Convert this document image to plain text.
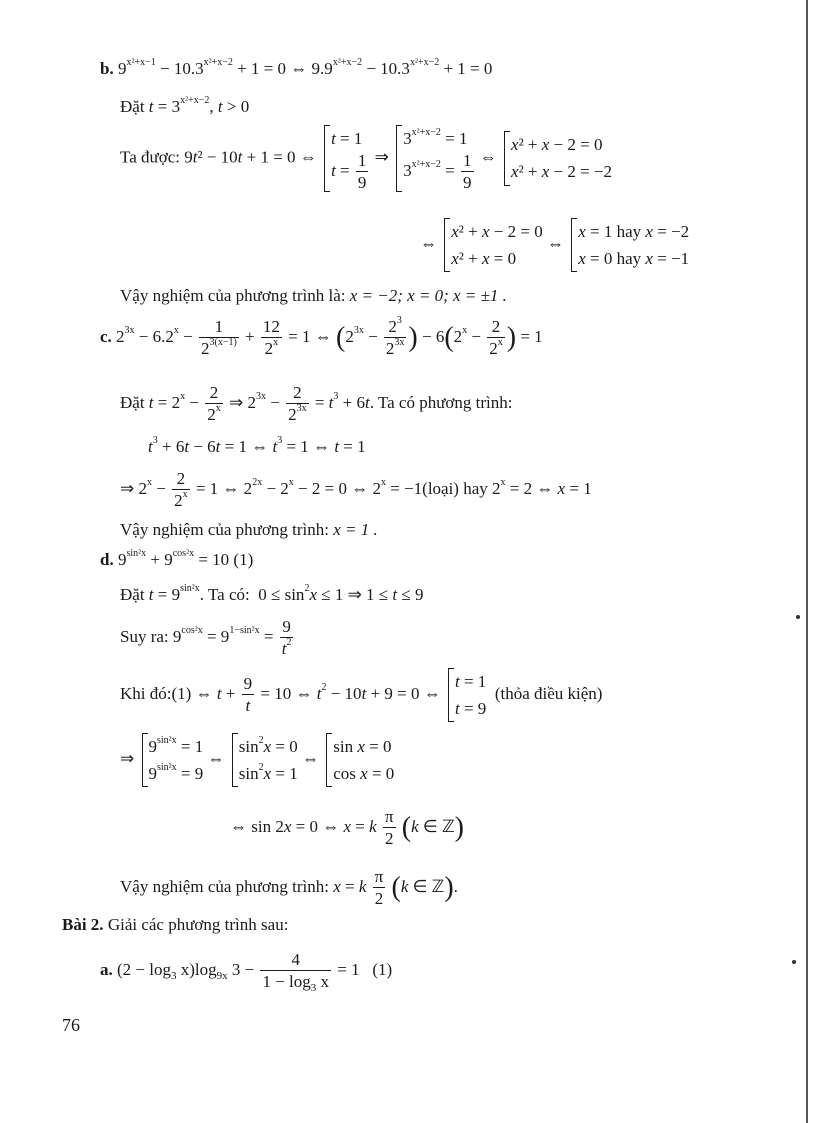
b. $9^{x^2+x-1} - 10.3^{x^2+x-2} + 1 = 0$ ⇔ $9.9^{x^2+x-2} - 10.3^{x^2+x-2} + 1 = 0$
Đặt $t = 3^{x^2+x-2}$, t > 0
Ta được: 9t² − 10t + 1 = 0 ⇔
t = 1
$t = \frac{1}{9}$ ⇒
$3^{x^2+x-2} = 1$
$3^{x^2+x-2} = \frac{1}{9}$ ⇔
x² + x − 2 = 0
x² + x − 2 = −2
⇔
x² + x − 2 = 0
x² + x = 0
⇔
x = 1 hay x = −2
x = 0 hay x = −1
Vậy nghiệm của phương trình là: x = −2; x = 0; x = ±1 .
c. $2^{3x} - 6.2^x - \frac{1}{2^{3(x-1)}} + \frac{12}{2^x} = 1$ ⇔ ($2^{3x} - \frac{2^3}{2^{3x}}$ ) − $6(2^x - \frac{2}{2^x}$ ) = 1
Đặt $t = 2^x - \frac{2}{2^x}$ ⇒ $2^{3x} - \frac{2}{2^{3x}} = t^3 + 6t$. Ta có phương trình:
$t^3 + 6t - 6t = 1$ ⇔ $t^3 = 1$ ⇔ t = 1
⇒ $2^x - \frac{2}{2^x} = 1$ ⇔ $2^{2x} - 2^x - 2 = 0$ ⇔ $2^x$ = −1(loại) hay $2^x = 2$ ⇔ x = 1
Vậy nghiệm của phương trình: x = 1 .
d. $9^{sin^2x} + 9^{cos^2x} = 10$ (1)
Đặt $t = 9^{sin^2x}$. Ta có:  $0 \le \sin^2x \le 1$ ⇒ 1 ≤ t ≤ 9
Suy ra: $9^{cos^2x} = 9^{1-sin^2x} = \frac{9}{t^2}$
Khi đó:(1) ⇔ $t + \frac{9}{t} = 10$ ⇔ $t^2 - 10t + 9 = 0$ ⇔
t = 1
t = 9
(thỏa điều kiện)
⇒
$9^{sin^2x} = 1$
$9^{sin^2x} = 9$
⇔
$\sin^2x = 0$
$\sin^2x = 1$
⇔
sin x = 0
cos x = 0
⇔ sin 2x = 0 ⇔ x = k $\frac{\pi}{2} (k$ ∈ ℤ)
Vậy nghiệm của phương trình: x = k $\frac{\pi}{2} (k$ ∈ ℤ).
Bài 2. Giải các phương trình sau:
a. $(2 - \log_3 x)\log_{9x}$ $3 - \frac{4}{1 - \log_3 x} = 1$   (1)
76
